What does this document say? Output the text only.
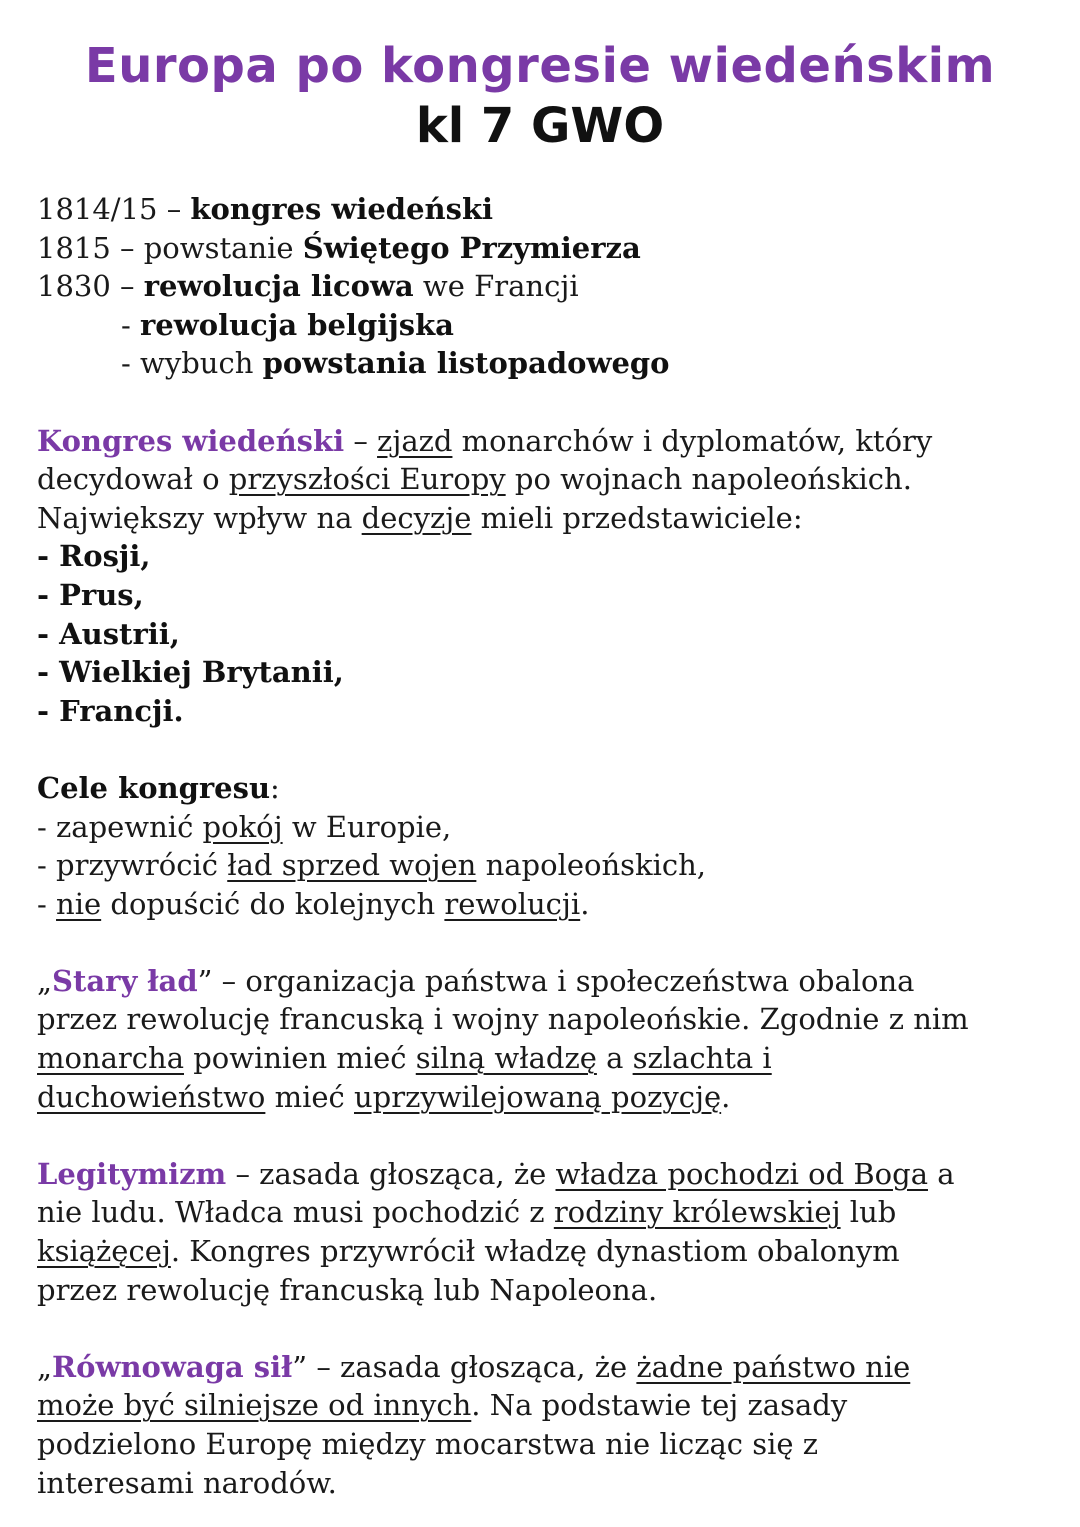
Europa po kongresie wiedeńskim
kl 7 GWO
1814/15 – kongres wiedeński
1815 – powstanie Świętego Przymierza
1830 – rewolucja licowa we Francji
- rewolucja belgijska
- wybuch powstania listopadowego
Kongres wiedeński – zjazd monarchów i dyplomatów, który
decydował o przyszłości Europy po wojnach napoleońskich.
Największy wpływ na decyzje mieli przedstawiciele:
- Rosji,
- Prus,
- Austrii,
- Wielkiej Brytanii,
- Francji.
Cele kongresu:
- zapewnić pokój w Europie,
- przywrócić ład sprzed wojen napoleońskich,
- nie dopuścić do kolejnych rewolucji.
„Stary ład” – organizacja państwa i społeczeństwa obalona
przez rewolucję francuską i wojny napoleońskie. Zgodnie z nim
monarcha powinien mieć silną władzę a szlachta i
duchowieństwo mieć uprzywilejowaną pozycję.
Legitymizm – zasada głosząca, że władza pochodzi od Boga a
nie ludu. Władca musi pochodzić z rodziny królewskiej lub
książęcej. Kongres przywrócił władzę dynastiom obalonym
przez rewolucję francuską lub Napoleona.
„Równowaga sił” – zasada głosząca, że żadne państwo nie
może być silniejsze od innych. Na podstawie tej zasady
podzielono Europę między mocarstwa nie licząc się z
interesami narodów.
